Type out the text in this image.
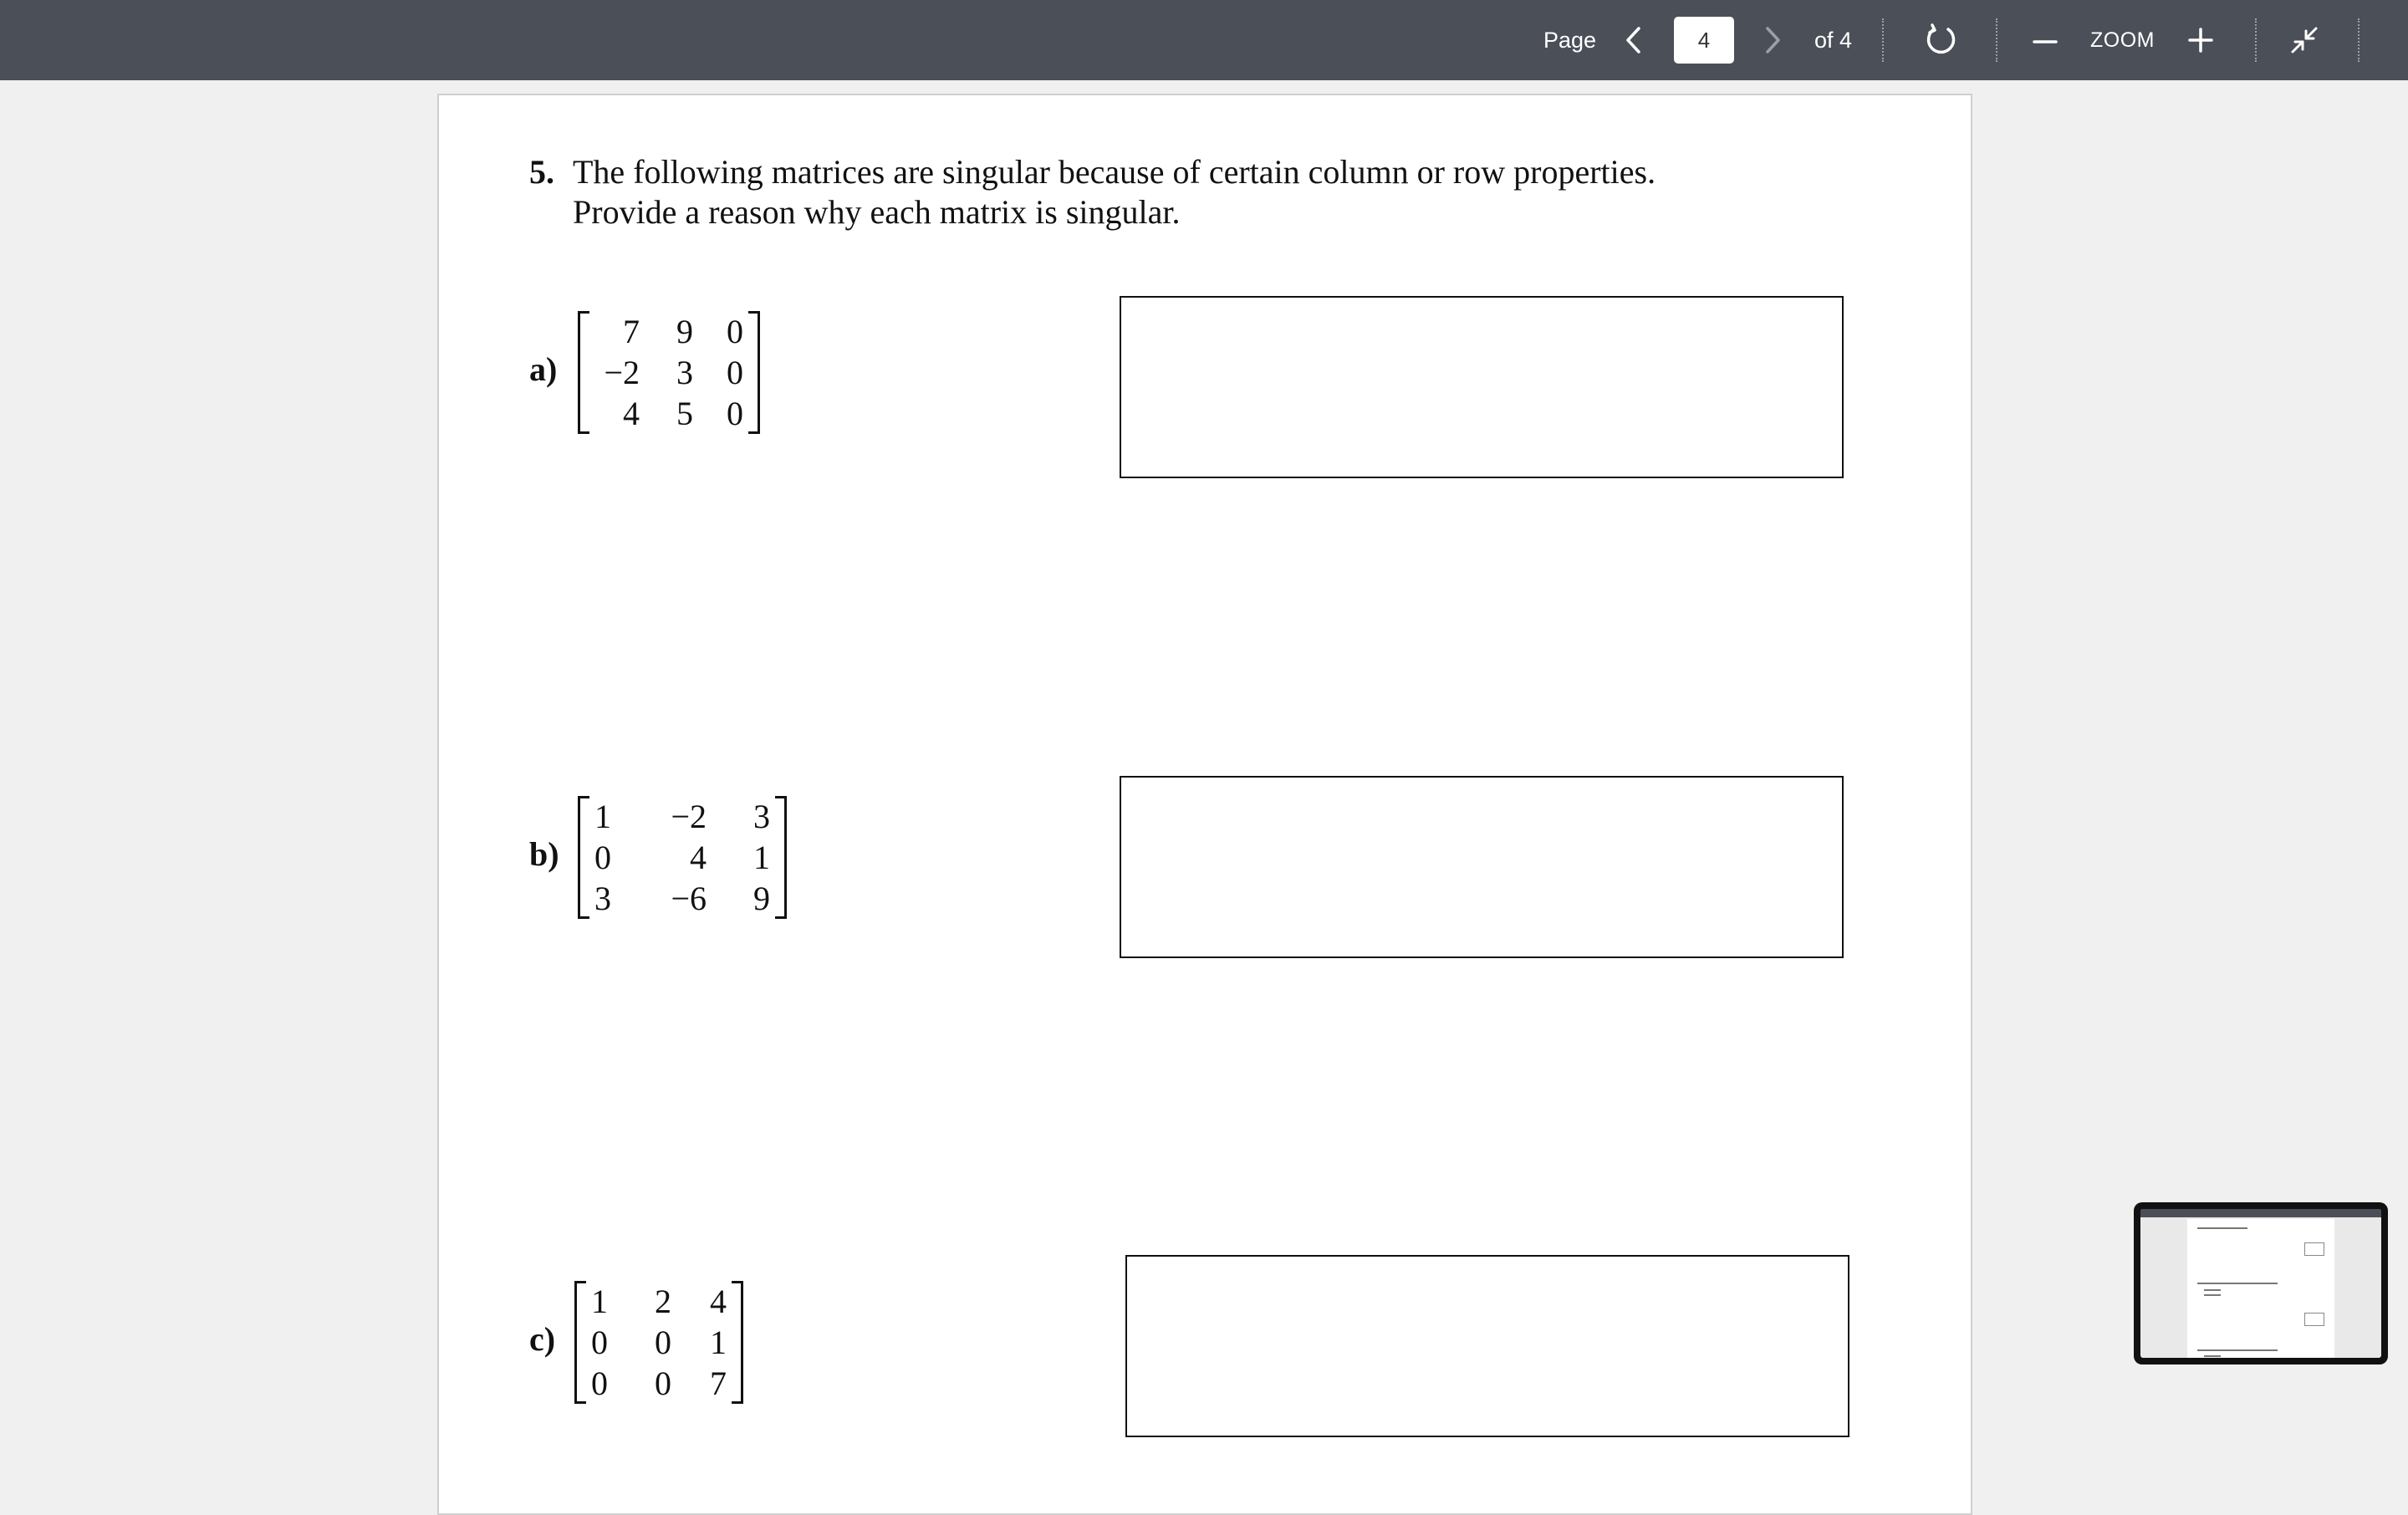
Page
4	of 4	ZOOM
5. The following matrices are singular because of certain column or row properties.
Provide a reason why each matrix is singular.
a)
7	9	0
−2	3	0
4	5	0
b)
1	−2	3
0	4	1
3	−6	9
c)
1	2	4
0	0	1
0	0	7
